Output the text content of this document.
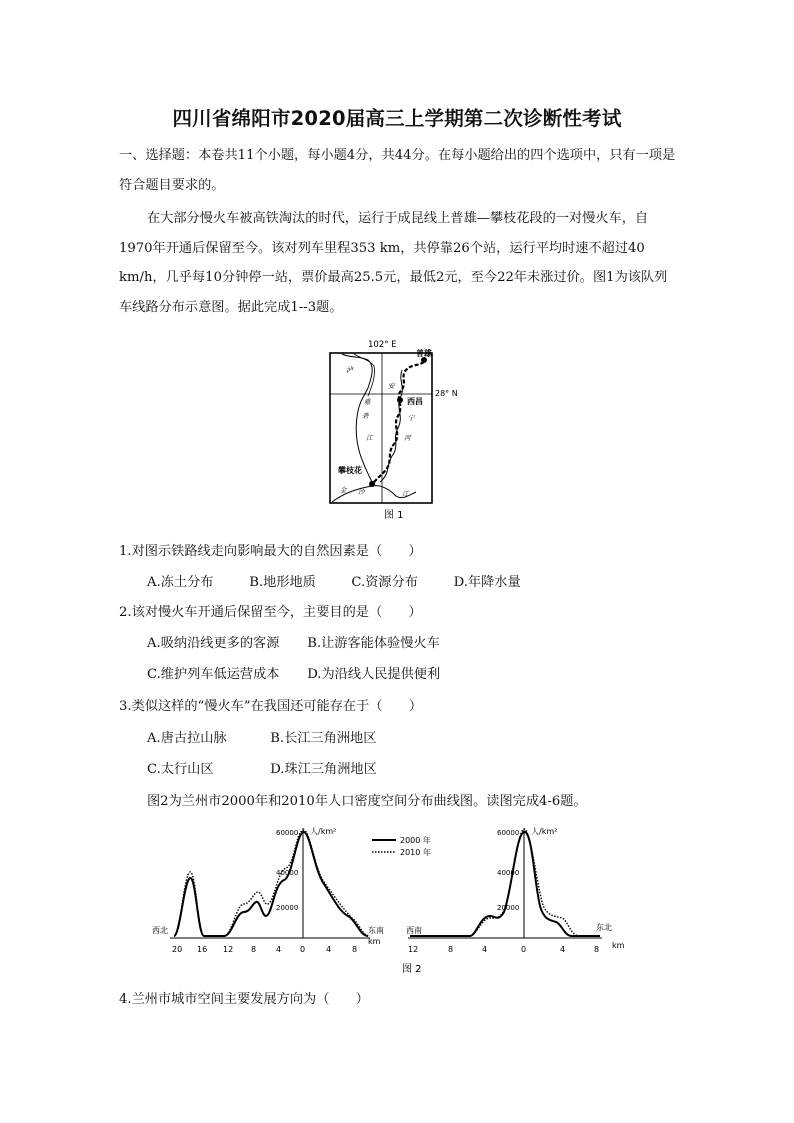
四川省绵阳市2020届高三上学期第二次诊断性考试

一、选择题：本卷共11个小题，每小题4分，共44分。在每小题给出的四个选项中，只有一项是符合题目要求的。

在大部分慢火车被高铁淘汰的时代，运行于成昆线上普雄—攀枝花段的一对慢火车，自1970年开通后保留至今。该对列车里程353 km，共停靠26个站，运行平均时速不超过40 km/h，几乎每10分钟停一站，票价最高25.5元，最低2元，至今22年未涨过价。图1为该队列车线路分布示意图。据此完成1--3题。

102° E
28° N
普雄
西昌
攀枝花
泸
安
宁
河
雅
砻
江
金 沙	江
图 1
1.对图示铁路线走向影响最大的自然因素是（　　）
A.冻土分布	B.地形地质	C.资源分布	D.年降水量
2.该对慢火车开通后保留至今，主要目的是（　　）
A.吸纳沿线更多的客源 B.让游客能体验慢火车
C.维护列车低运营成本 D.为沿线人民提供便利
3.类似这样的“慢火车”在我国还可能存在于（　　）
A.唐古拉山脉	B.长江三角洲地区
C.太行山区	D.珠江三角洲地区
图2为兰州市2000年和2010年人口密度空间分布曲线图。读图完成4-6题。
人/km²
60000
40000
20000
西北	东南
20 16 12 8 4 0	4	8
km
2000 年
2010 年
人/km²
60000
40000
20000
西南	东北
12	8	4	0	4	8 km
图 2
4.兰州市城市空间主要发展方向为（　　）
